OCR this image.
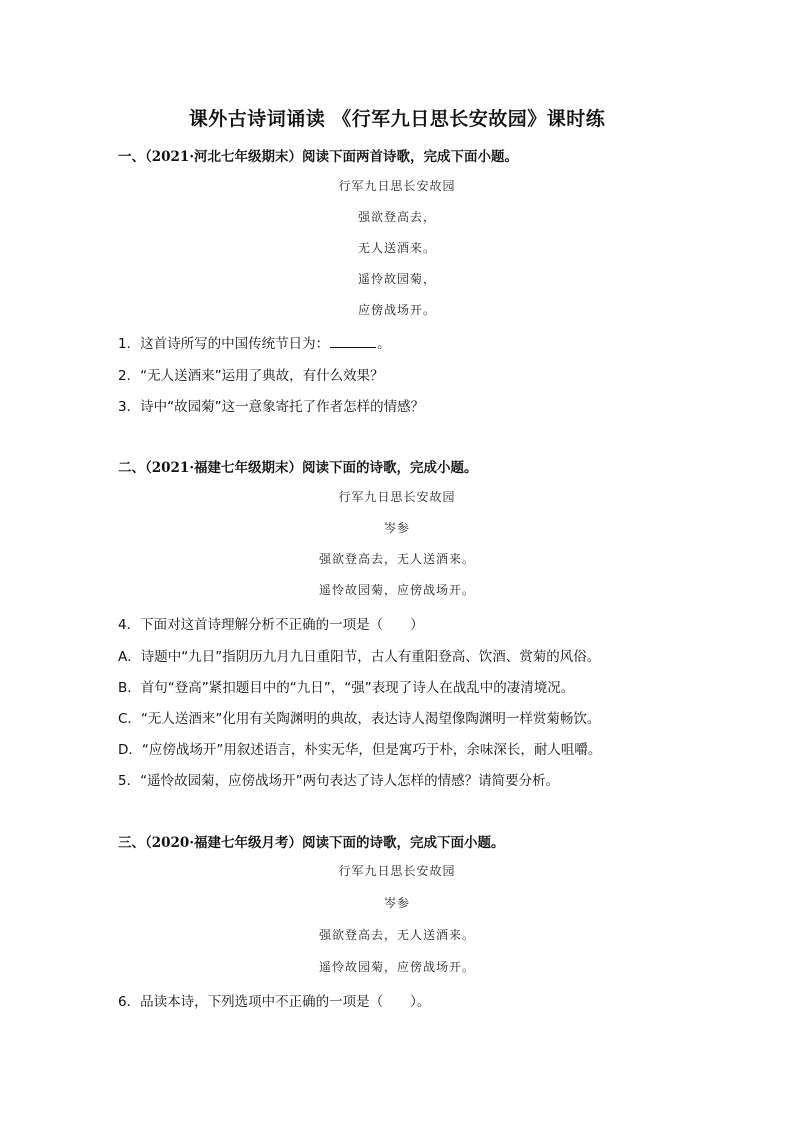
课外古诗词诵读 《行军九日思长安故园》课时练
一、（2021·河北七年级期末）阅读下面两首诗歌，完成下面小题。
行军九日思长安故园
强欲登高去，
无人送酒来。
遥怜故园菊，
应傍战场开。
1．这首诗所写的中国传统节日为：	。
2．“无人送酒来”运用了典故，有什么效果？
3．诗中“故园菊”这一意象寄托了作者怎样的情感？
二、（2021·福建七年级期末）阅读下面的诗歌，完成小题。
行军九日思长安故园
岑参
强欲登高去，无人送酒来。
遥怜故园菊，应傍战场开。
4．下面对这首诗理解分析不正确的一项是（　　）
A．诗题中“九日”指阴历九月九日重阳节，古人有重阳登高、饮酒、赏菊的风俗。
B．首句“登高”紧扣题目中的“九日”，“强”表现了诗人在战乱中的凄清境况。
C．“无人送酒来”化用有关陶渊明的典故，表达诗人渴望像陶渊明一样赏菊畅饮。
D．“应傍战场开”用叙述语言，朴实无华，但是寓巧于朴，余味深长，耐人咀嚼。
5．“遥怜故园菊，应傍战场开”两句表达了诗人怎样的情感？请简要分析。
三、（2020·福建七年级月考）阅读下面的诗歌，完成下面小题。
行军九日思长安故园
岑参
强欲登高去，无人送酒来。
遥怜故园菊，应傍战场开。
6．品读本诗，下列选项中不正确的一项是（　　）。
